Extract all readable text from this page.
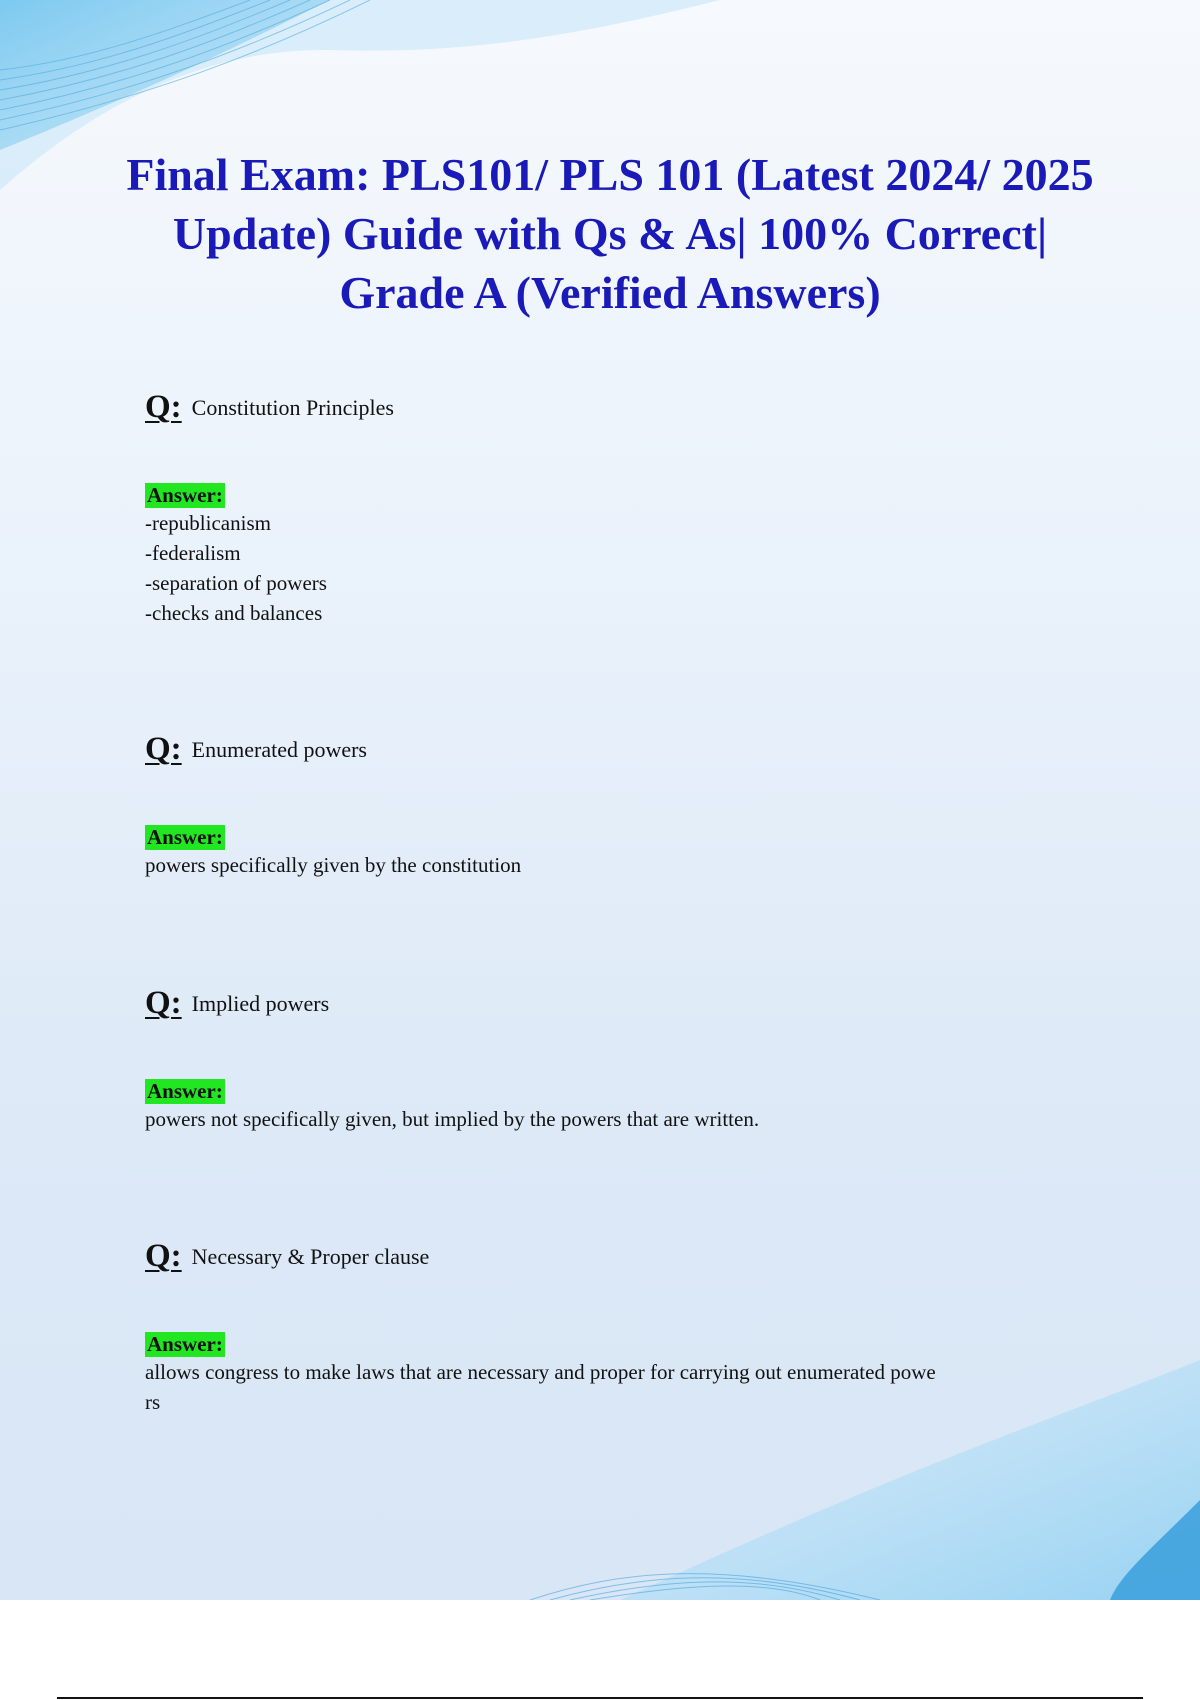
Final Exam: PLS101/ PLS 101 (Latest 2024/ 2025 Update) Guide with Qs & As| 100% Correct| Grade A (Verified Answers)
Q: Constitution Principles
Answer:
-republicanism
-federalism
-separation of powers
-checks and balances
Q: Enumerated powers
Answer:
powers specifically given by the constitution
Q: Implied powers
Answer:
powers not specifically given, but implied by the powers that are written.
Q: Necessary & Proper clause
Answer:
allows congress to make laws that are necessary and proper for carrying out enumerated powe
rs
